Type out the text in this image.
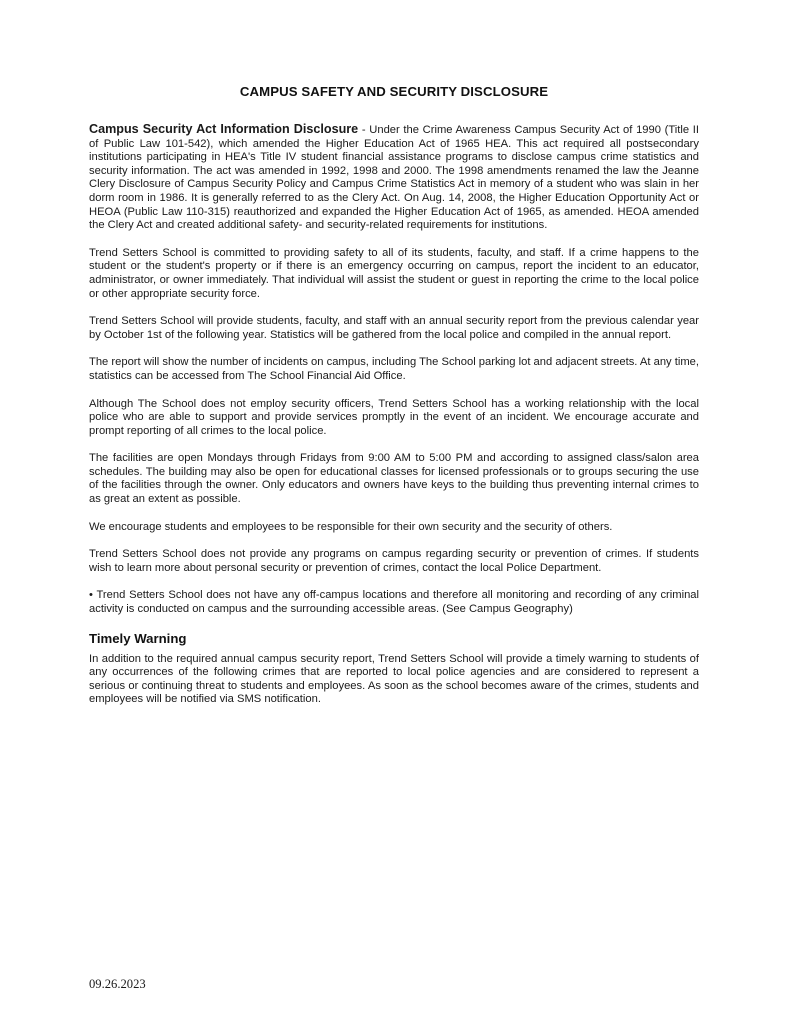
CAMPUS SAFETY AND SECURITY DISCLOSURE

Campus Security Act Information Disclosure - Under the Crime Awareness Campus Security Act of 1990 (Title II of Public Law 101-542), which amended the Higher Education Act of 1965 HEA. This act required all postsecondary institutions participating in HEA's Title IV student financial assistance programs to disclose campus crime statistics and security information. The act was amended in 1992, 1998 and 2000. The 1998 amendments renamed the law the Jeanne Clery Disclosure of Campus Security Policy and Campus Crime Statistics Act in memory of a student who was slain in her dorm room in 1986. It is generally referred to as the Clery Act. On Aug. 14, 2008, the Higher Education Opportunity Act or HEOA (Public Law 110-315) reauthorized and expanded the Higher Education Act of 1965, as amended. HEOA amended the Clery Act and created additional safety- and security-related requirements for institutions.

Trend Setters School is committed to providing safety to all of its students, faculty, and staff. If a crime happens to the student or the student's property or if there is an emergency occurring on campus, report the incident to an educator, administrator, or owner immediately. That individual will assist the student or guest in reporting the crime to the local police or other appropriate security force.

Trend Setters School will provide students, faculty, and staff with an annual security report from the previous calendar year by October 1st of the following year. Statistics will be gathered from the local police and compiled in the annual report.

The report will show the number of incidents on campus, including The School parking lot and adjacent streets. At any time, statistics can be accessed from The School Financial Aid Office.

Although The School does not employ security officers, Trend Setters School has a working relationship with the local police who are able to support and provide services promptly in the event of an incident. We encourage accurate and prompt reporting of all crimes to the local police.

The facilities are open Mondays through Fridays from 9:00 AM to 5:00 PM and according to assigned class/salon area schedules. The building may also be open for educational classes for licensed professionals or to groups securing the use of the facilities through the owner. Only educators and owners have keys to the building thus preventing internal crimes to as great an extent as possible.

We encourage students and employees to be responsible for their own security and the security of others.

Trend Setters School does not provide any programs on campus regarding security or prevention of crimes. If students wish to learn more about personal security or prevention of crimes, contact the local Police Department.

• Trend Setters School does not have any off-campus locations and therefore all monitoring and recording of any criminal activity is conducted on campus and the surrounding accessible areas. (See Campus Geography)

Timely Warning

In addition to the required annual campus security report, Trend Setters School will provide a timely warning to students of any occurrences of the following crimes that are reported to local police agencies and are considered to represent a serious or continuing threat to students and employees. As soon as the school becomes aware of the crimes, students and employees will be notified via SMS notification.

09.26.2023
